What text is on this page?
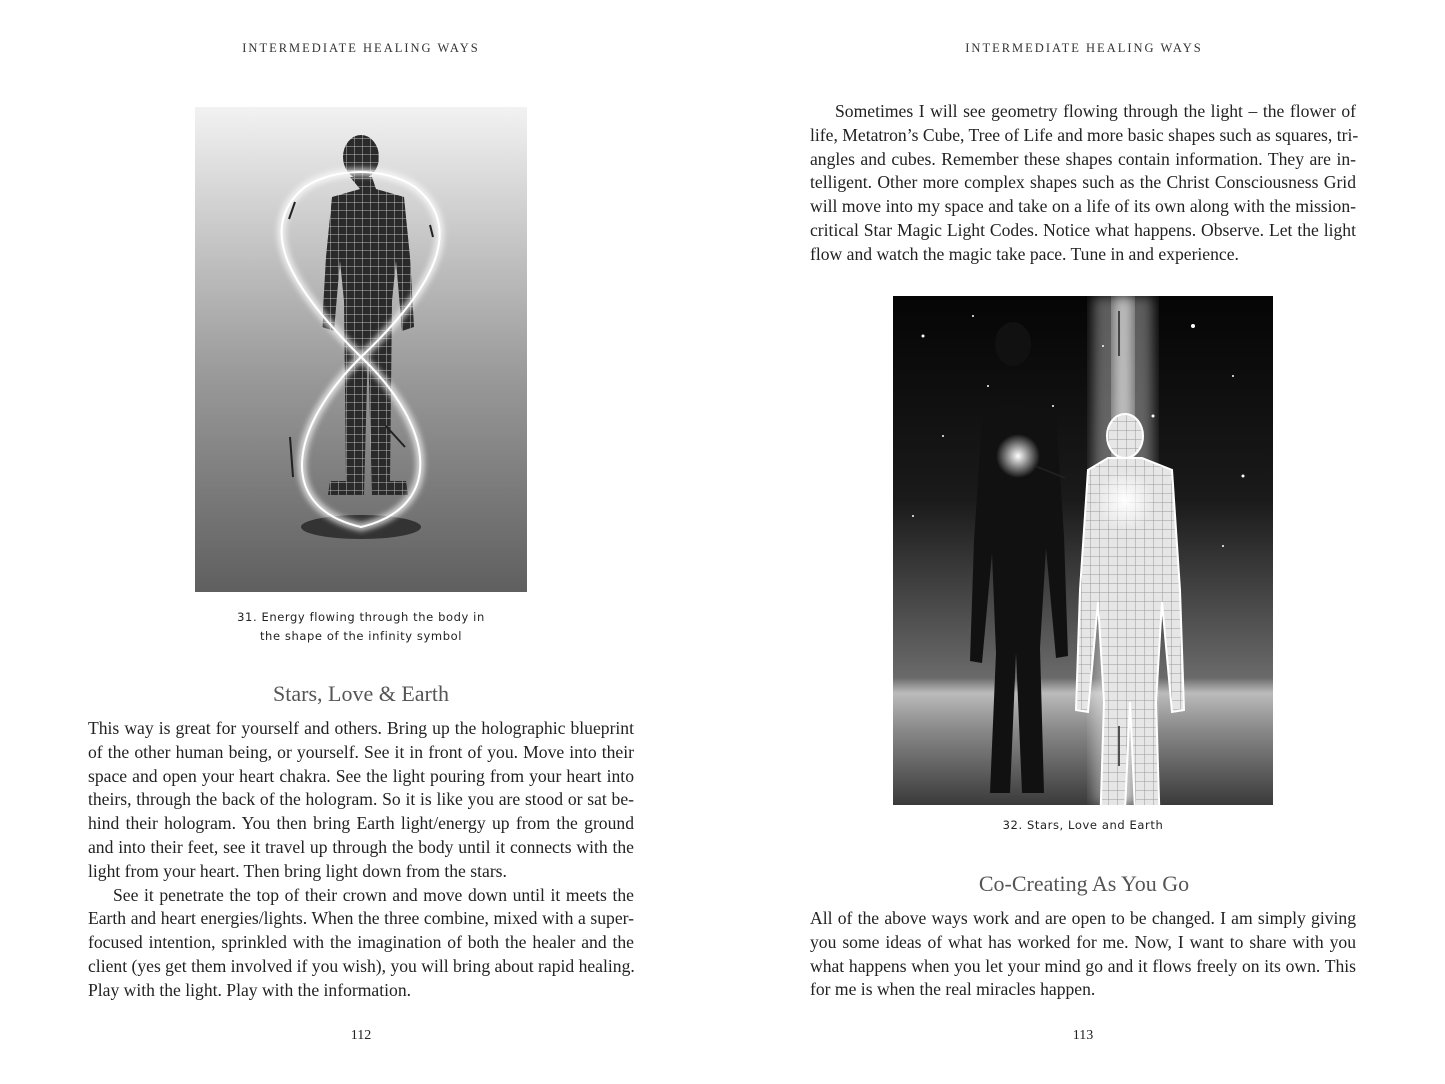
INTERMEDIATE HEALING WAYS
31. Energy flowing through the body in
the shape of the infinity symbol
Stars, Love & Earth
This way is great for yourself and others. Bring up the holographic blueprint
of the other human being, or yourself. See it in front of you. Move into their
space and open your heart chakra. See the light pouring from your heart into
theirs, through the back of the hologram. So it is like you are stood or sat be-
hind their hologram. You then bring Earth light/energy up from the ground
and into their feet, see it travel up through the body until it connects with the
light from your heart. Then bring light down from the stars.
See it penetrate the top of their crown and move down until it meets the
Earth and heart energies/lights. When the three combine, mixed with a super-
focused intention, sprinkled with the imagination of both the healer and the
client (yes get them involved if you wish), you will bring about rapid healing.
Play with the light. Play with the information.
112
INTERMEDIATE HEALING WAYS
Sometimes I will see geometry flowing through the light – the flower of
life, Metatron’s Cube, Tree of Life and more basic shapes such as squares, tri-
angles and cubes. Remember these shapes contain information. They are in-
telligent. Other more complex shapes such as the Christ Consciousness Grid
will move into my space and take on a life of its own along with the mission-
critical Star Magic Light Codes. Notice what happens. Observe. Let the light
flow and watch the magic take pace. Tune in and experience.
32. Stars, Love and Earth
Co-Creating As You Go
All of the above ways work and are open to be changed. I am simply giving
you some ideas of what has worked for me. Now, I want to share with you
what happens when you let your mind go and it flows freely on its own. This
for me is when the real miracles happen.
113
